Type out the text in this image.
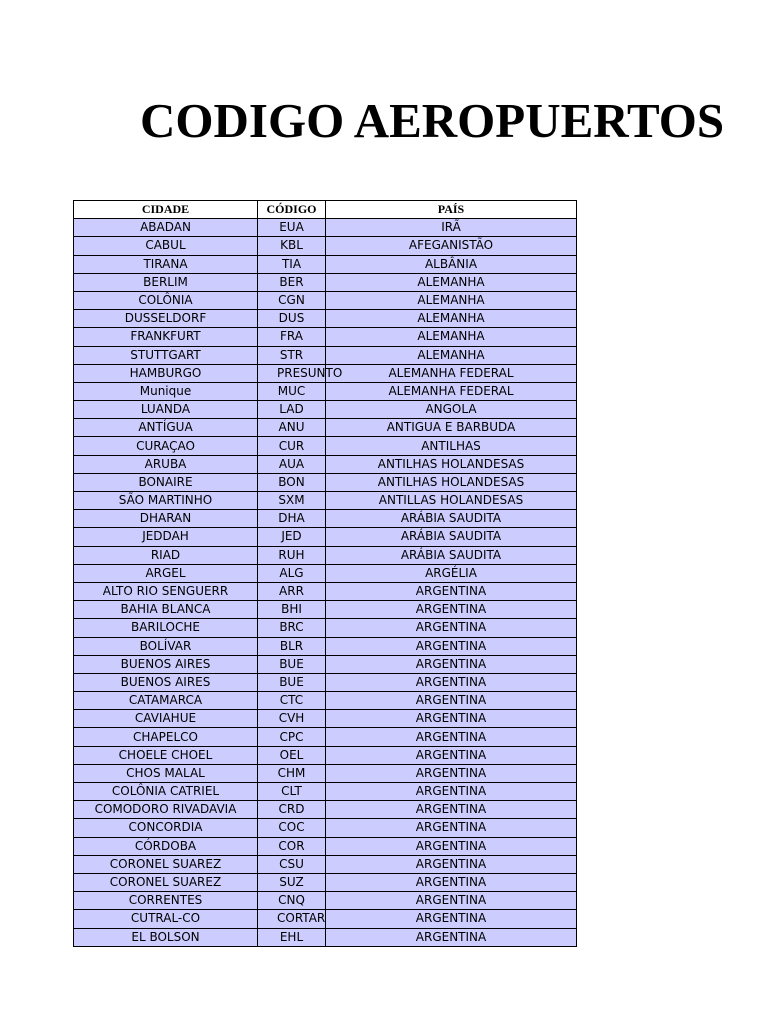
CODIGO AEROPUERTOS
CIDADE	CÓDIGO	PAÍS
ABADAN	EUA	IRÃ
CABUL	KBL	AFEGANISTÃO
TIRANA	TIA	ALBÂNIA
BERLIM	BER	ALEMANHA
COLÔNIA	CGN	ALEMANHA
DUSSELDORF	DUS	ALEMANHA
FRANKFURT	FRA	ALEMANHA
STUTTGART	STR	ALEMANHA
HAMBURGO	PRESUNTO	ALEMANHA FEDERAL
Munique	MUC	ALEMANHA FEDERAL
LUANDA	LAD	ANGOLA
ANTÍGUA	ANU	ANTIGUA E BARBUDA
CURAÇAO	CUR	ANTILHAS
ARUBA	AUA	ANTILHAS HOLANDESAS
BONAIRE	BON	ANTILHAS HOLANDESAS
SÃO MARTINHO	SXM	ANTILLAS HOLANDESAS
DHARAN	DHA	ARÁBIA SAUDITA
JEDDAH	JED	ARÁBIA SAUDITA
RIAD	RUH	ARÁBIA SAUDITA
ARGEL	ALG	ARGÉLIA
ALTO RIO SENGUERR	ARR	ARGENTINA
BAHIA BLANCA	BHI	ARGENTINA
BARILOCHE	BRC	ARGENTINA
BOLÍVAR	BLR	ARGENTINA
BUENOS AIRES	BUE	ARGENTINA
BUENOS AIRES	BUE	ARGENTINA
CATAMARCA	CTC	ARGENTINA
CAVIAHUE	CVH	ARGENTINA
CHAPELCO	CPC	ARGENTINA
CHOELE CHOEL	OEL	ARGENTINA
CHOS MALAL	CHM	ARGENTINA
COLÔNIA CATRIEL	CLT	ARGENTINA
COMODORO RIVADAVIA	CRD	ARGENTINA
CONCORDIA	COC	ARGENTINA
CÓRDOBA	COR	ARGENTINA
CORONEL SUAREZ	CSU	ARGENTINA
CORONEL SUAREZ	SUZ	ARGENTINA
CORRENTES	CNQ	ARGENTINA
CUTRAL-CO	CORTAR	ARGENTINA
EL BOLSON	EHL	ARGENTINA
